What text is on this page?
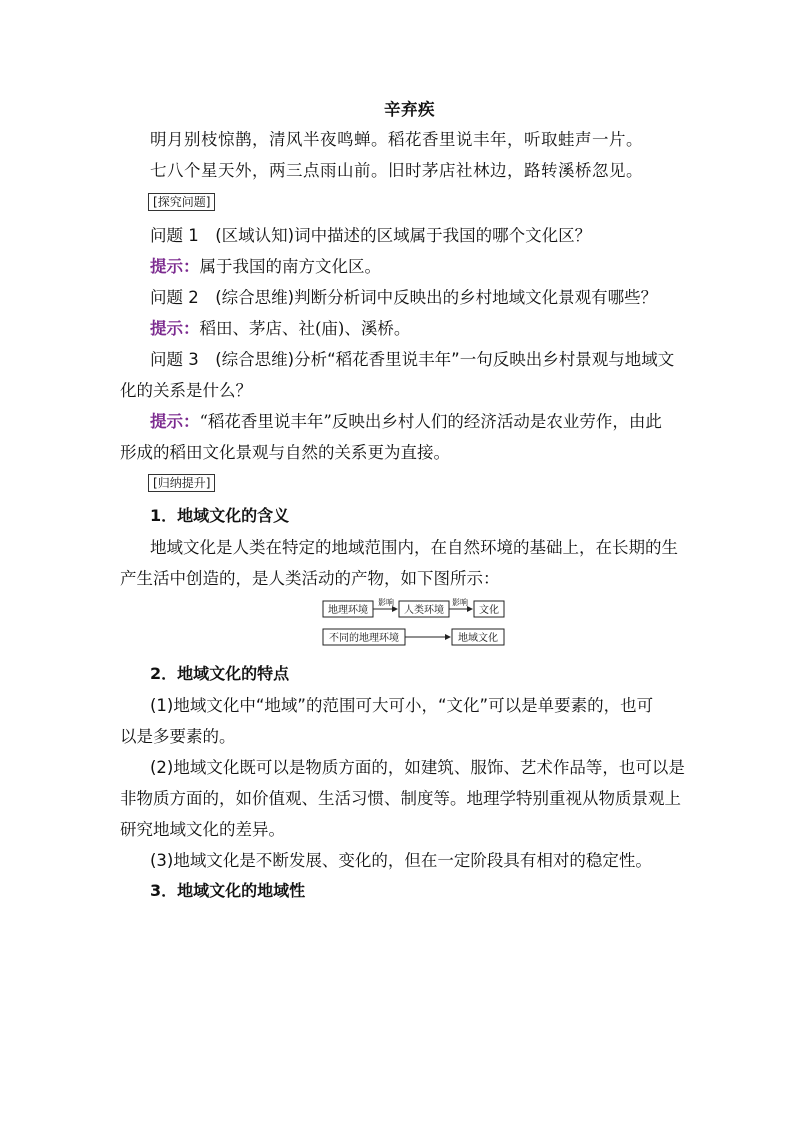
辛弃疾
明月别枝惊鹊，清风半夜鸣蝉。稻花香里说丰年，听取蛙声一片。
七八个星天外，两三点雨山前。旧时茅店社林边，路转溪桥忽见。
[ 探究问题 ]
问题 1　(区域认知)词中描述的区域属于我国的哪个文化区？
提示：属于我国的南方文化区。
问题 2　(综合思维)判断分析词中反映出的乡村地域文化景观有哪些？
提示：稻田、茅店、社(庙)、溪桥。
问题 3　(综合思维)分析“稻花香里说丰年”一句反映出乡村景观与地域文
化的关系是什么？
提示：“稻花香里说丰年”反映出乡村人们的经济活动是农业劳作，由此
形成的稻田文化景观与自然的关系更为直接。
[ 归纳提升 ]
1．地域文化的含义
地域文化是人类在特定的地域范围内，在自然环境的基础上，在长期的生
产生活中创造的，是人类活动的产物，如下图所示：
地理环境
影响
人类环境
影响
文化
不同的地理环境	地域文化
2．地域文化的特点
(1)地域文化中“地域”的范围可大可小，“文化”可以是单要素的，也可
以是多要素的。
(2)地域文化既可以是物质方面的，如建筑、服饰、艺术作品等，也可以是
非物质方面的，如价值观、生活习惯、制度等。地理学特别重视从物质景观上
研究地域文化的差异。
(3)地域文化是不断发展、变化的，但在一定阶段具有相对的稳定性。
3．地域文化的地域性
